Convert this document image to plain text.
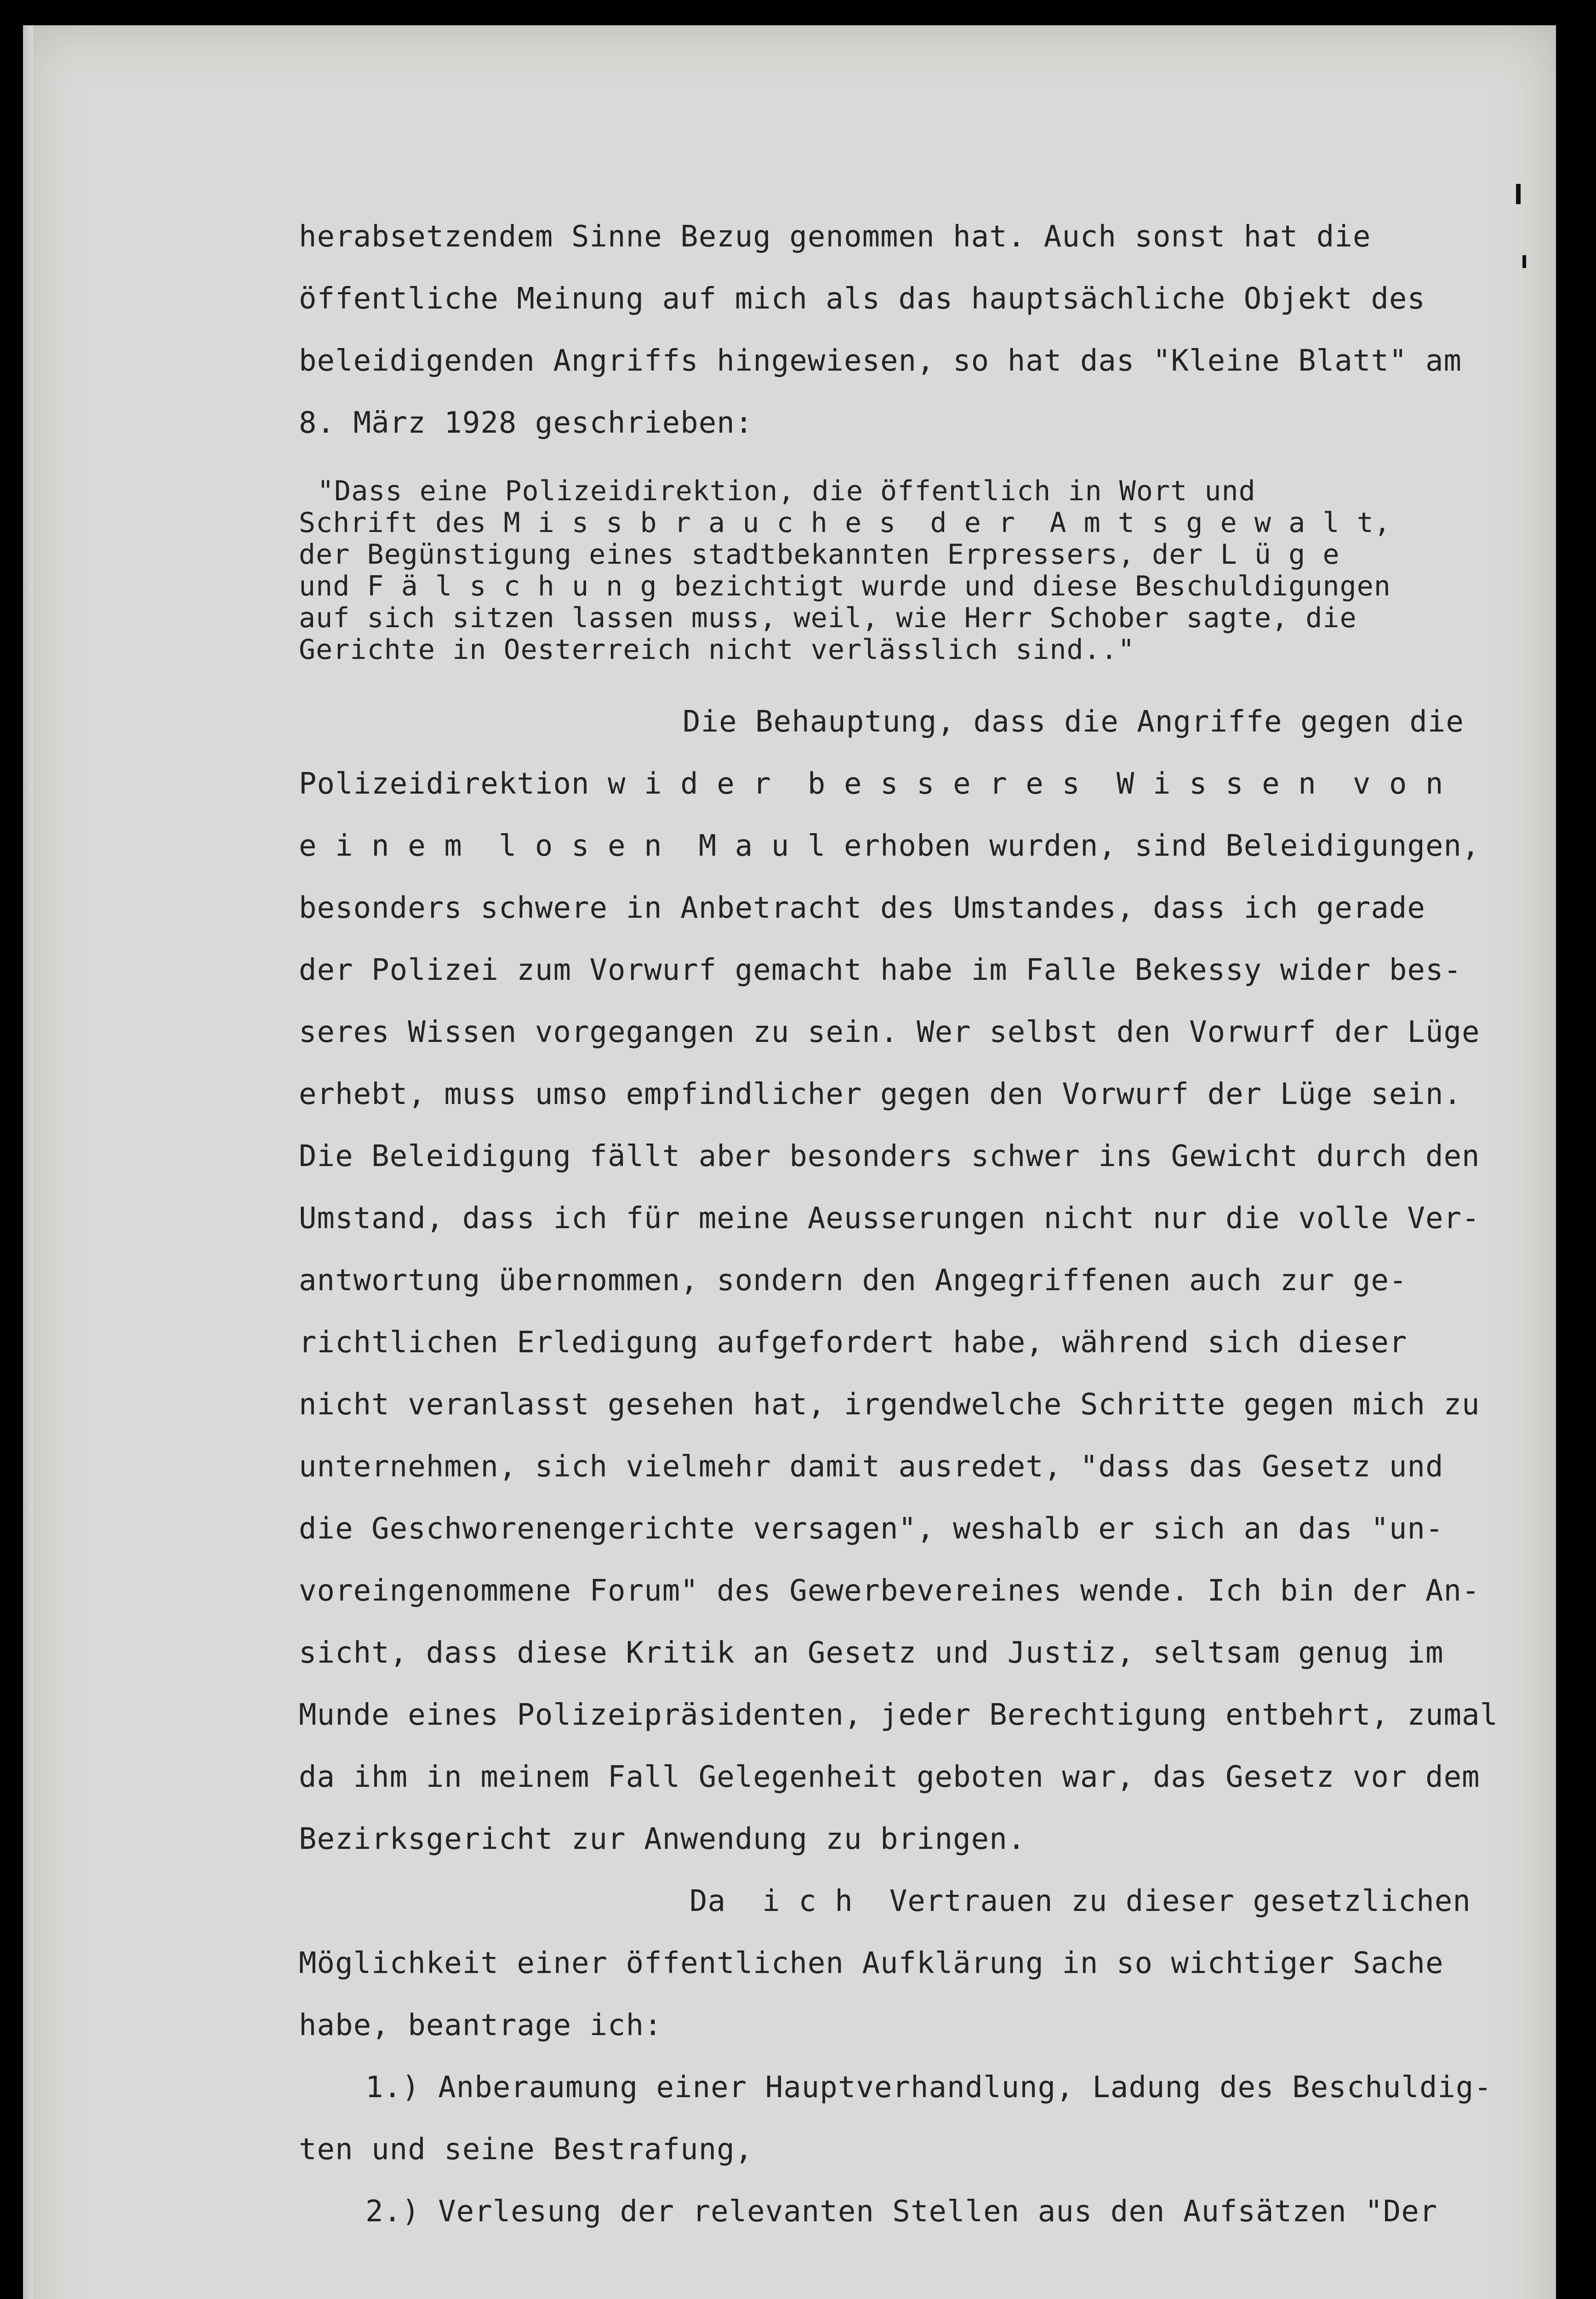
herabsetzendem Sinne Bezug genommen hat. Auch sonst hat die
öffentliche Meinung auf mich als das hauptsächliche Objekt des
beleidigenden Angriffs hingewiesen, so hat das "Kleine Blatt" am
8. März 1928 geschrieben:
"Dass eine Polizeidirektion, die öffentlich in Wort und
Schrift des M i s s b r a u c h e s  d e r  A m t s g e w a l t,
der Begünstigung eines stadtbekannten Erpressers, der L ü g e
und F ä l s c h u n g bezichtigt wurde und diese Beschuldigungen
auf sich sitzen lassen muss, weil, wie Herr Schober sagte, die
Gerichte in Oesterreich nicht verlässlich sind.."
Die Behauptung, dass die Angriffe gegen die
Polizeidirektion w i d e r  b e s s e r e s  W i s s e n  v o n
e i n e m  l o s e n  M a u l erhoben wurden, sind Beleidigungen,
besonders schwere in Anbetracht des Umstandes, dass ich gerade
der Polizei zum Vorwurf gemacht habe im Falle Bekessy wider bes-
seres Wissen vorgegangen zu sein. Wer selbst den Vorwurf der Lüge
erhebt, muss umso empfindlicher gegen den Vorwurf der Lüge sein.
Die Beleidigung fällt aber besonders schwer ins Gewicht durch den
Umstand, dass ich für meine Aeusserungen nicht nur die volle Ver-
antwortung übernommen, sondern den Angegriffenen auch zur ge-
richtlichen Erledigung aufgefordert habe, während sich dieser
nicht veranlasst gesehen hat, irgendwelche Schritte gegen mich zu
unternehmen, sich vielmehr damit ausredet, "dass das Gesetz und
die Geschworenengerichte versagen", weshalb er sich an das "un-
voreingenommene Forum" des Gewerbevereines wende. Ich bin der An-
sicht, dass diese Kritik an Gesetz und Justiz, seltsam genug im
Munde eines Polizeipräsidenten, jeder Berechtigung entbehrt, zumal
da ihm in meinem Fall Gelegenheit geboten war, das Gesetz vor dem
Bezirksgericht zur Anwendung zu bringen.
Da  i c h  Vertrauen zu dieser gesetzlichen
Möglichkeit einer öffentlichen Aufklärung in so wichtiger Sache
habe, beantrage ich:
1.) Anberaumung einer Hauptverhandlung, Ladung des Beschuldig-
ten und seine Bestrafung,
2.) Verlesung der relevanten Stellen aus den Aufsätzen "Der
